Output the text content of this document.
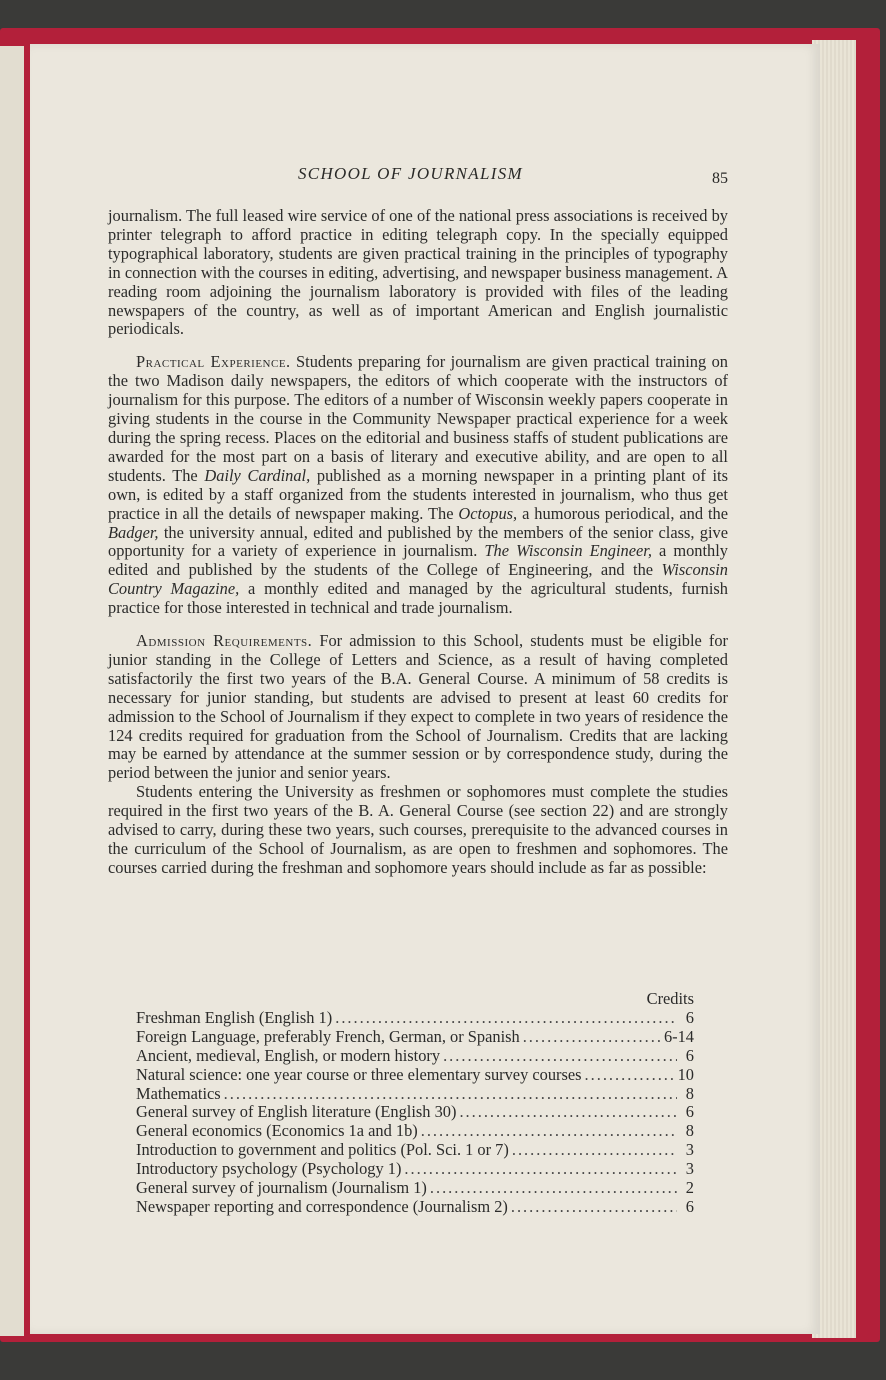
SCHOOL OF JOURNALISM	85

journalism. The full leased wire service of one of the national press associations is received by printer telegraph to afford practice in editing telegraph copy. In the specially equipped typographical laboratory, students are given practical training in the principles of typography in connection with the courses in editing, advertising, and newspaper business management. A reading room adjoining the journalism laboratory is provided with files of the leading newspapers of the country, as well as of important American and English journalistic periodicals.

Practical Experience. Students preparing for journalism are given practical training on the two Madison daily newspapers, the editors of which cooperate with the instructors of journalism for this purpose. The editors of a number of Wisconsin weekly papers cooperate in giving students in the course in the Community Newspaper practical experience for a week during the spring recess. Places on the editorial and business staffs of student publications are awarded for the most part on a basis of literary and executive ability, and are open to all students. The Daily Cardinal, published as a morning newspaper in a printing plant of its own, is edited by a staff organized from the students interested in journalism, who thus get practice in all the details of newspaper making. The Octopus, a humorous periodical, and the Badger, the university annual, edited and published by the members of the senior class, give opportunity for a variety of experience in journalism. The Wisconsin Engineer, a monthly edited and published by the students of the College of Engineering, and the Wisconsin Country Magazine, a monthly edited and managed by the agricultural students, furnish practice for those interested in technical and trade journalism.

Admission Requirements. For admission to this School, students must be eligible for junior standing in the College of Letters and Science, as a result of having completed satisfactorily the first two years of the B.A. General Course. A minimum of 58 credits is necessary for junior standing, but students are advised to present at least 60 credits for admission to the School of Journalism if they expect to complete in two years of residence the 124 credits required for graduation from the School of Journalism. Credits that are lacking may be earned by attendance at the summer session or by correspondence study, during the period between the junior and senior years.

Students entering the University as freshmen or sophomores must complete the studies required in the first two years of the B. A. General Course (see section 22) and are strongly advised to carry, during these two years, such courses, prerequisite to the advanced courses in the curriculum of the School of Journalism, as are open to freshmen and sophomores. The courses carried during the freshman and sophomore years should include as far as possible:

Credits
Freshman English (English 1) .....	6
Foreign Language, preferably French, German, or Spanish .....	6-14
Ancient, medieval, English, or modern history .....	6
Natural science: one year course or three elementary survey courses .....	10
Mathematics .....	8
General survey of English literature (English 30) .....	6
General economics (Economics 1a and 1b) .....	8
Introduction to government and politics (Pol. Sci. 1 or 7) .....	3
Introductory psychology (Psychology 1) .....	3
General survey of journalism (Journalism 1) .....	2
Newspaper reporting and correspondence (Journalism 2) .....	6
